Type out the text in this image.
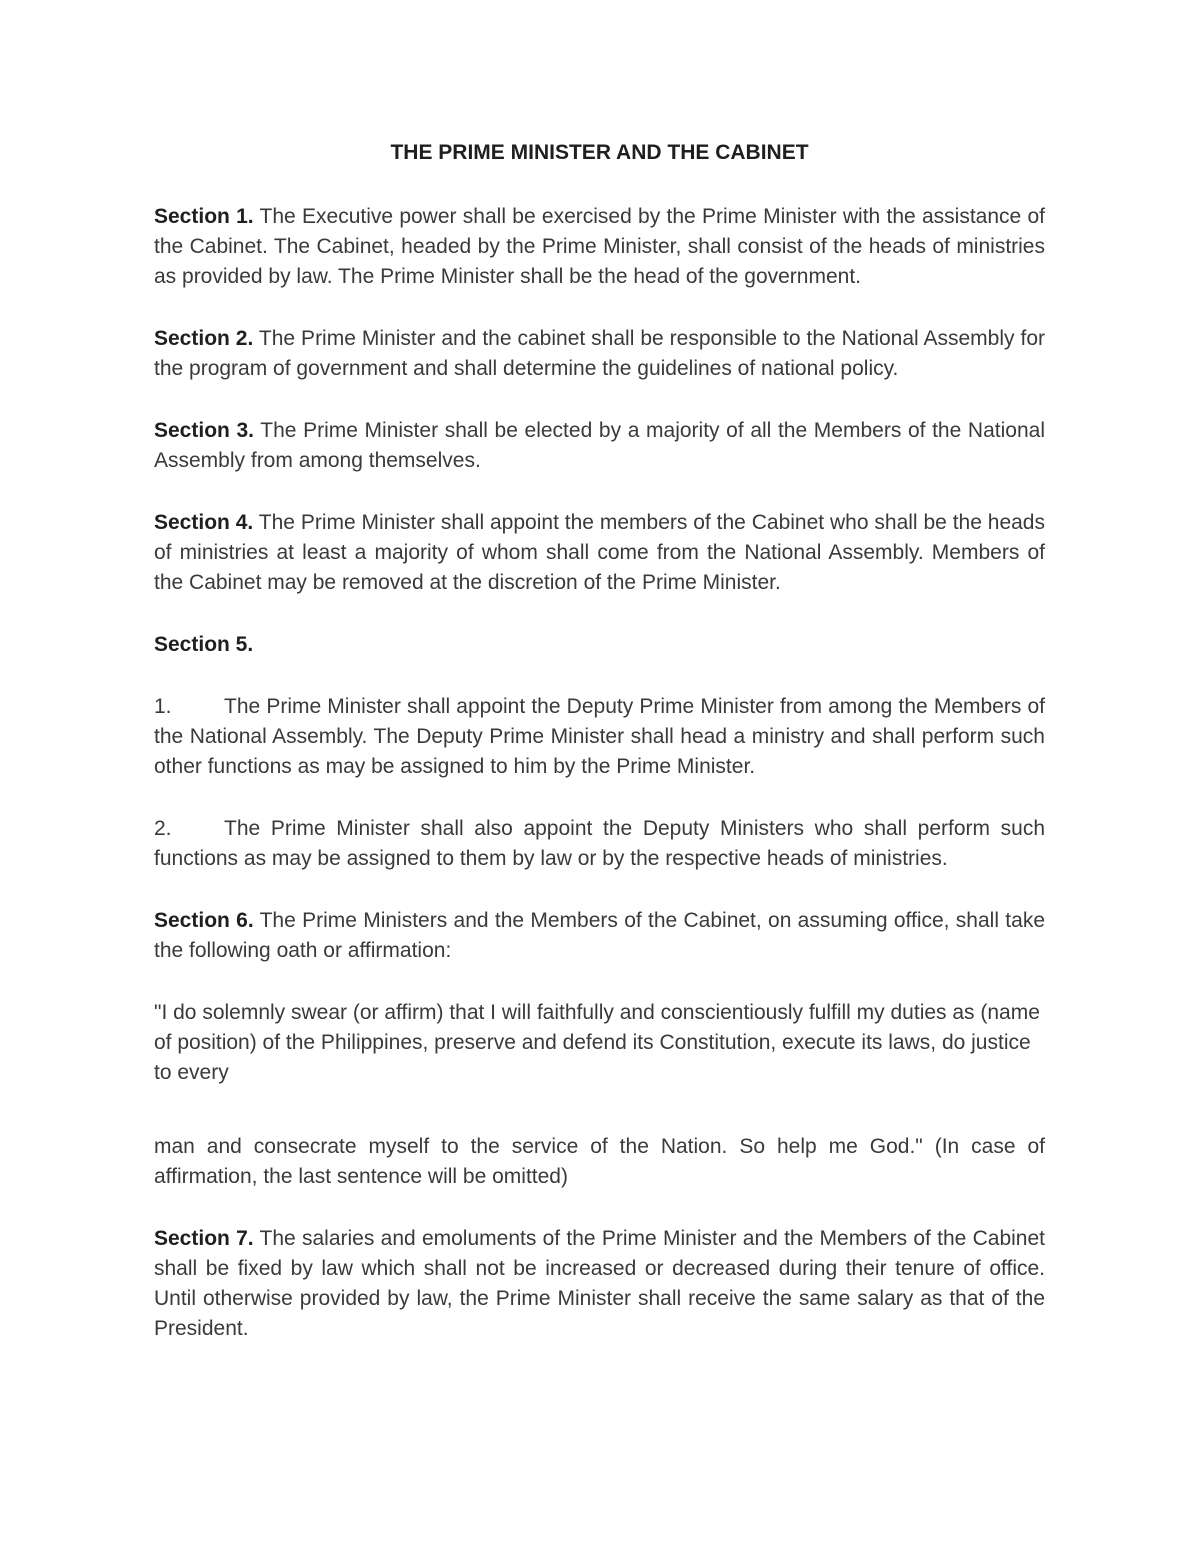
THE PRIME MINISTER AND THE CABINET

Section 1. The Executive power shall be exercised by the Prime Minister with the assistance of the Cabinet. The Cabinet, headed by the Prime Minister, shall consist of the heads of ministries as provided by law. The Prime Minister shall be the head of the government.

Section 2. The Prime Minister and the cabinet shall be responsible to the National Assembly for the program of government and shall determine the guidelines of national policy.

Section 3. The Prime Minister shall be elected by a majority of all the Members of the National Assembly from among themselves.

Section 4. The Prime Minister shall appoint the members of the Cabinet who shall be the heads of ministries at least a majority of whom shall come from the National Assembly. Members of the Cabinet may be removed at the discretion of the Prime Minister.

Section 5.

1. The Prime Minister shall appoint the Deputy Prime Minister from among the Members of the National Assembly. The Deputy Prime Minister shall head a ministry and shall perform such other functions as may be assigned to him by the Prime Minister.

2. The Prime Minister shall also appoint the Deputy Ministers who shall perform such functions as may be assigned to them by law or by the respective heads of ministries.

Section 6. The Prime Ministers and the Members of the Cabinet, on assuming office, shall take the following oath or affirmation:

"I do solemnly swear (or affirm) that I will faithfully and conscientiously fulfill my duties as (name of position) of the Philippines, preserve and defend its Constitution, execute its laws, do justice to every

man and consecrate myself to the service of the Nation. So help me God." (In case of affirmation, the last sentence will be omitted)

Section 7. The salaries and emoluments of the Prime Minister and the Members of the Cabinet shall be fixed by law which shall not be increased or decreased during their tenure of office. Until otherwise provided by law, the Prime Minister shall receive the same salary as that of the President.
